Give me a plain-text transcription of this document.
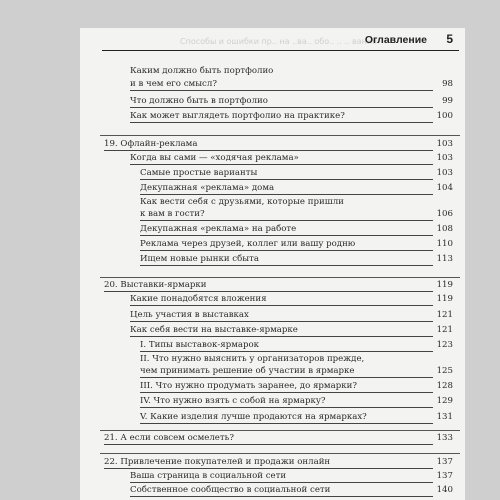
Способы и ошибки пр.. на ..ва.. обо.. .. .. вания
Оглавление 5
Каким должно быть портфолио
и в чем его смысл?	98
Что должно быть в портфолио	99
Как может выглядеть портфолио на практике?	100
19. Офлайн-реклама	103
Когда вы сами — «ходячая реклама»	103
Самые простые варианты	103
Декупажная «реклама» дома	104
Как вести себя с друзьями, которые пришли
к вам в гости?	106
Декупажная «реклама» на работе	108
Реклама через друзей, коллег или вашу родню	110
Ищем новые рынки сбыта	113
20. Выставки-ярмарки	119
Какие понадобятся вложения	119
Цель участия в выставках	121
Как себя вести на выставке-ярмарке	121
I. Типы выставок-ярмарок	123
II. Что нужно выяснить у организаторов прежде,
чем принимать решение об участии в ярмарке	125
III. Что нужно продумать заранее, до ярмарки?	128
IV. Что нужно взять с собой на ярмарку?	129
V. Какие изделия лучше продаются на ярмарках?	131
21. А если совсем осмелеть?	133
22. Привлечение покупателей и продажи онлайн	137
Ваша страница в социальной сети	137
Собственное сообщество в социальной сети	140
